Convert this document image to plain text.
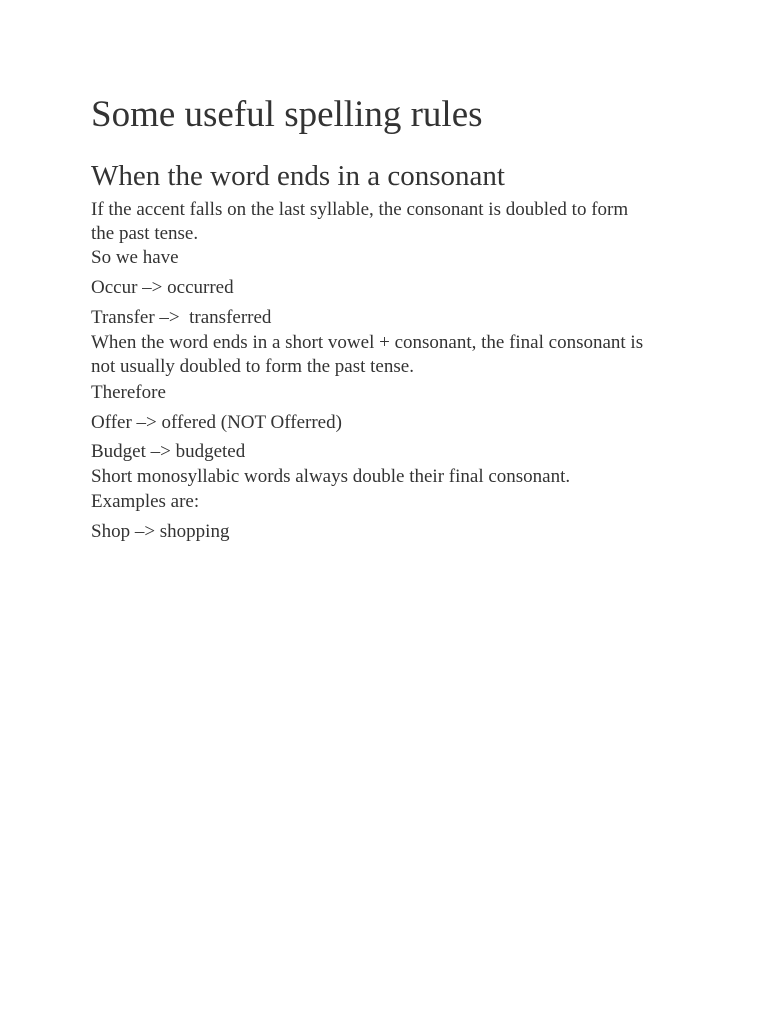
Some useful spelling rules
When the word ends in a consonant

If the accent falls on the last syllable, the consonant is doubled to form

the past tense.

So we have

Occur –> occurred

Transfer –>  transferred

When the word ends in a short vowel + consonant, the final consonant is

not usually doubled to form the past tense.

Therefore

Offer –> offered (NOT Offerred)

Budget –> budgeted

Short monosyllabic words always double their final consonant.

Examples are:

Shop –> shopping
